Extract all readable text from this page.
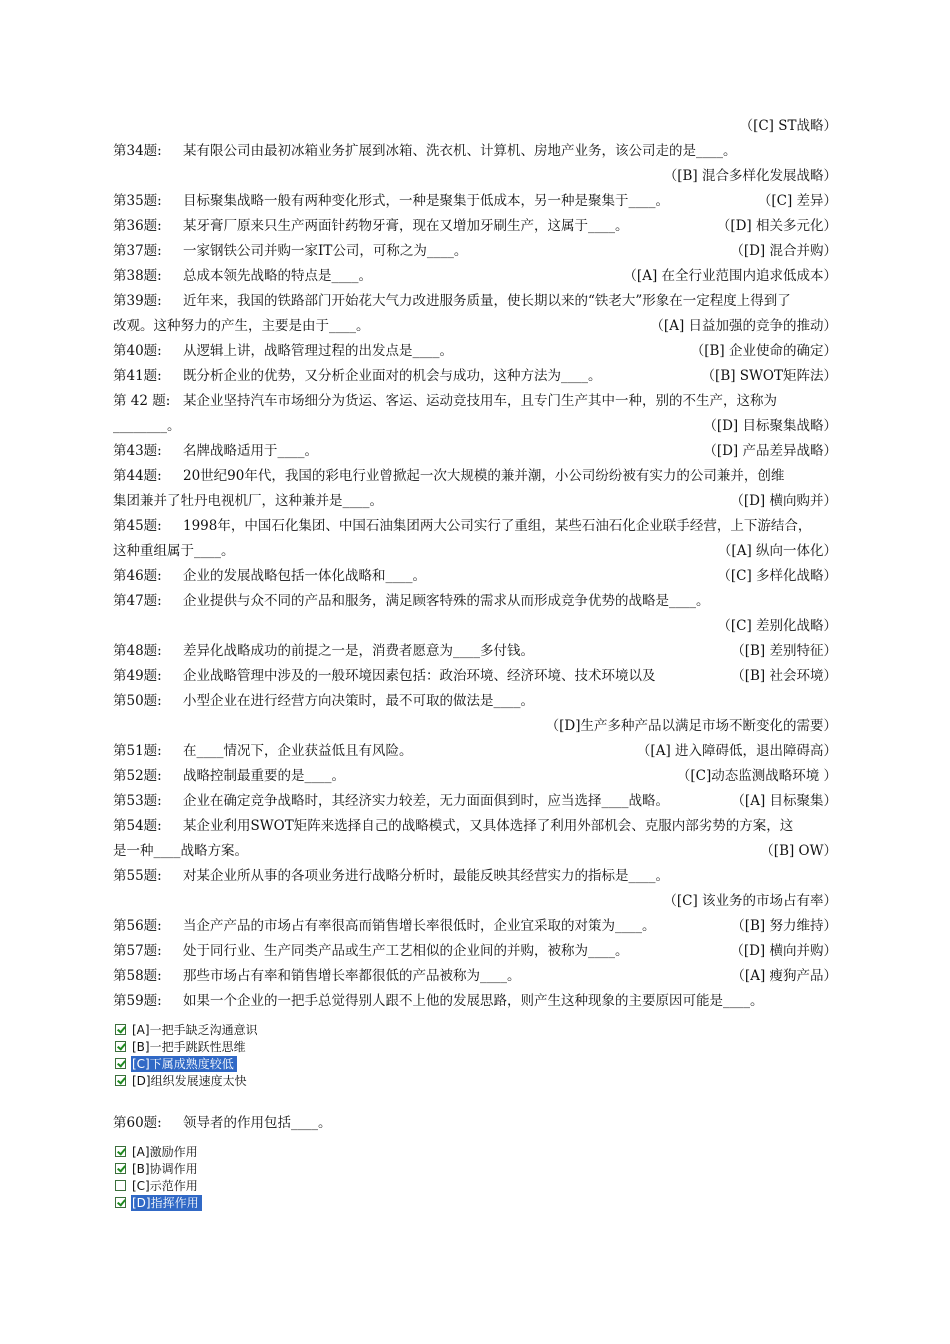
（[C] ST战略）
第34题: 某有限公司由最初冰箱业务扩展到冰箱、洗衣机、计算机、房地产业务，该公司走的是____。
（[B] 混合多样化发展战略）
第35题: 目标聚集战略一般有两种变化形式，一种是聚集于低成本，另一种是聚集于____。	（[C] 差异）
第36题: 某牙膏厂原来只生产两面针药物牙膏，现在又增加牙刷生产，这属于____。	（[D] 相关多元化）
第37题: 一家钢铁公司并购一家IT公司，可称之为____。	（[D] 混合并购）
第38题: 总成本领先战略的特点是____。	（[A] 在全行业范围内追求低成本）
第39题: 近年来，我国的铁路部门开始花大气力改进服务质量，使长期以来的“铁老大”形象在一定程度上得到了
改观。这种努力的产生，主要是由于____。	（[A] 日益加强的竞争的推动）
第40题: 从逻辑上讲，战略管理过程的出发点是____。	（[B] 企业使命的确定）
第41题: 既分析企业的优势，又分析企业面对的机会与成功，这种方法为____。	（[B] SWOT矩阵法）
第 42 题: 某企业坚持汽车市场细分为货运、客运、运动竞技用车，且专门生产其中一种，别的不生产，这称为
________。	（[D] 目标聚集战略）
第43题: 名牌战略适用于____。	（[D] 产品差异战略）
第44题: 20世纪90年代，我国的彩电行业曾掀起一次大规模的兼并潮，小公司纷纷被有实力的公司兼并，创维
集团兼并了牡丹电视机厂，这种兼并是____。	（[D] 横向购并）
第45题: 1998年，中国石化集团、中国石油集团两大公司实行了重组，某些石油石化企业联手经营，上下游结合，
这种重组属于____。	（[A] 纵向一体化）
第46题: 企业的发展战略包括一体化战略和____。	（[C] 多样化战略）
第47题: 企业提供与众不同的产品和服务，满足顾客特殊的需求从而形成竞争优势的战略是____。
（[C] 差别化战略）
第48题: 差异化战略成功的前提之一是，消费者愿意为____多付钱。	（[B] 差别特征）
第49题: 企业战略管理中涉及的一般环境因素包括：政治环境、经济环境、技术环境以及	（[B] 社会环境）
第50题: 小型企业在进行经营方向决策时，最不可取的做法是____。
（[D]生产多种产品以满足市场不断变化的需要）
第51题: 在____情况下，企业获益低且有风险。	（[A] 进入障碍低，退出障碍高）
第52题: 战略控制最重要的是____。	（[C]动态监测战略环境 ）
第53题: 企业在确定竞争战略时，其经济实力较差，无力面面俱到时，应当选择____战略。	（[A] 目标聚集）
第54题: 某企业利用SWOT矩阵来选择自己的战略模式，又具体选择了利用外部机会、克服内部劣势的方案，这
是一种____战略方案。	（[B] OW）
第55题: 对某企业所从事的各项业务进行战略分析时，最能反映其经营实力的指标是____。
（[C] 该业务的市场占有率）
第56题: 当企产产品的市场占有率很高而销售增长率很低时，企业宜采取的对策为____。	（[B] 努力维持）
第57题: 处于同行业、生产同类产品或生产工艺相似的企业间的并购，被称为____。	（[D] 横向并购）
第58题: 那些市场占有率和销售增长率都很低的产品被称为____。	（[A] 瘦狗产品）
第59题: 如果一个企业的一把手总觉得别人跟不上他的发展思路，则产生这种现象的主要原因可能是____。
[A]一把手缺乏沟通意识
[B]一把手跳跃性思维
[C]下属成熟度较低
[D]组织发展速度太快
第60题: 领导者的作用包括____。
[A]激励作用
[B]协调作用
[C]示范作用
[D]指挥作用
